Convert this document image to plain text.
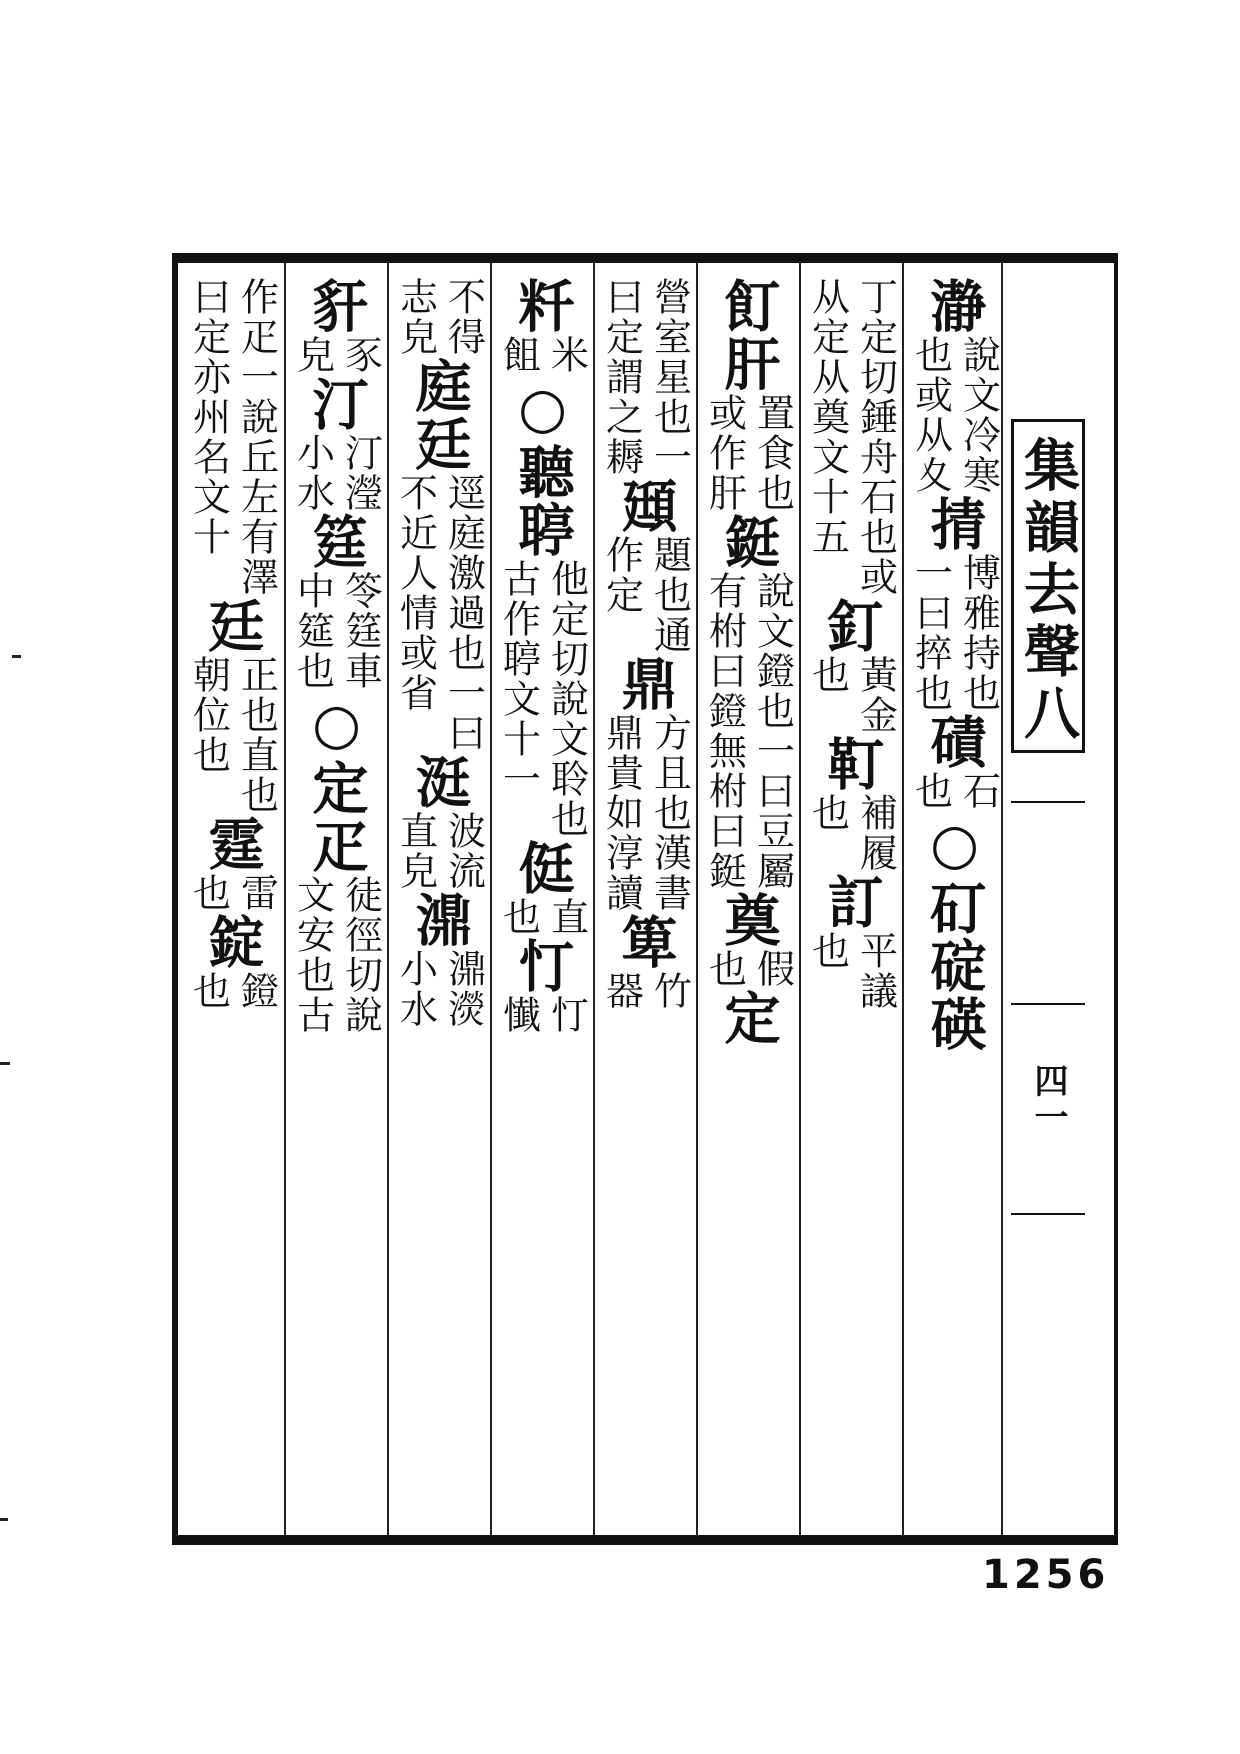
集韻去聲八
四一
瀞
說文冷寒
也或从夊
掅
博雅持也
一曰捽也
磧
石
也
○矴碇碤
丁定切錘舟石也或
从定从奠文十五
釘
黃金
也
靪
補履
也
訂
平議
也
飣肝
置食也
或作肝
鋌
說文鐙也一曰豆屬
有柎曰鐙無柎曰鋌
奠
假
也
定
營室星也一
曰定謂之耨
頲
題也通
作定
鼎
方且也漢書
鼎貴如淳讀
箄
竹
器
粁
米
飷
○聽聤
他定切說文聆也
古作聤文十一
侹
直
也
忊
忊
懴
不得
志皃
庭廷
逕庭激過也一曰
不近人情或省
涏
波流
直皃
濎
濎濙
小水
豻
豕
皃
汀
汀瀅
小水
筳
笭筳車
中筵也
○定疋
徒徑切說
文安也古
作疋一說丘左有澤
曰定亦州名文十
廷
正也直也
朝位也
霆
雷
也
錠
鐙
也
1256
